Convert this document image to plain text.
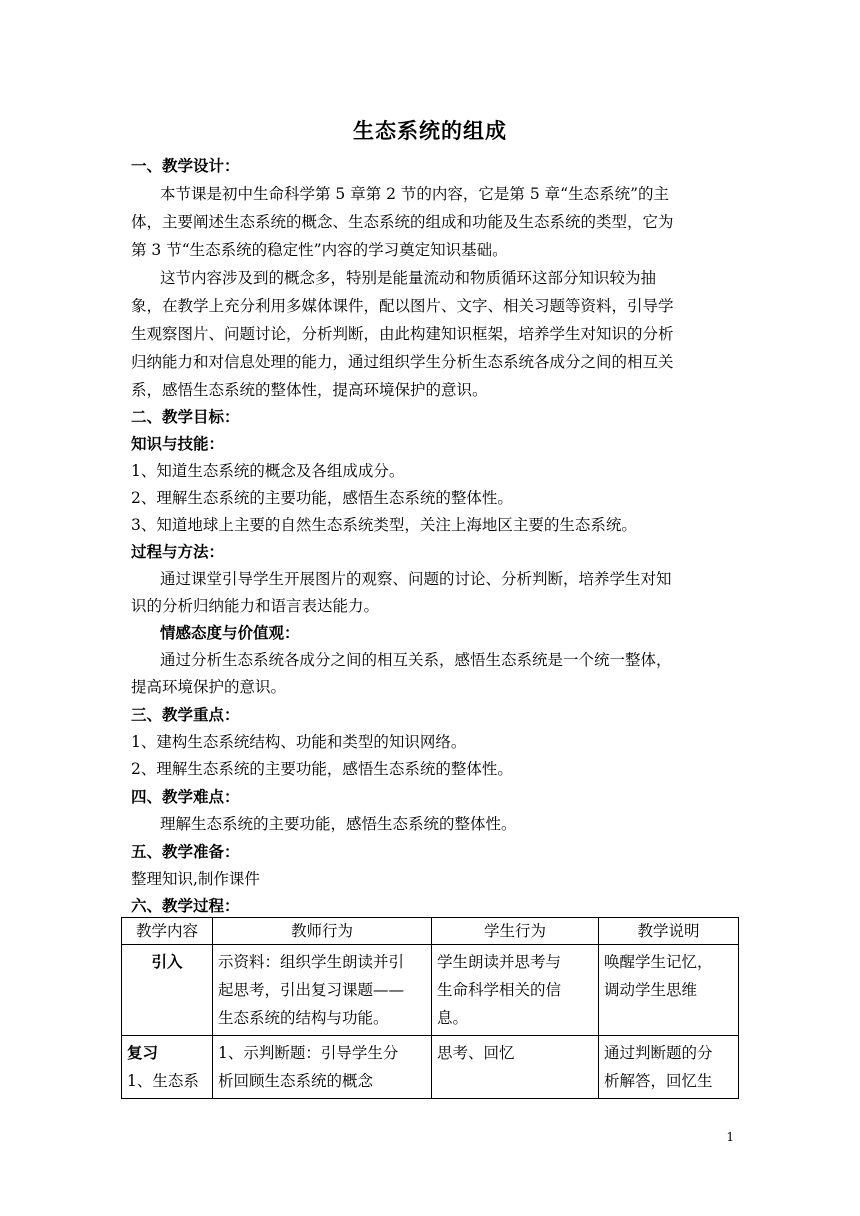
生态系统的组成
一、教学设计：
本节课是初中生命科学第 5 章第 2 节的内容，它是第 5 章“生态系统”的主
体，主要阐述生态系统的概念、生态系统的组成和功能及生态系统的类型，它为
第 3 节“生态系统的稳定性”内容的学习奠定知识基础。
这节内容涉及到的概念多，特别是能量流动和物质循环这部分知识较为抽
象，在教学上充分利用多媒体课件，配以图片、文字、相关习题等资料，引导学
生观察图片、问题讨论，分析判断，由此构建知识框架，培养学生对知识的分析
归纳能力和对信息处理的能力，通过组织学生分析生态系统各成分之间的相互关
系，感悟生态系统的整体性，提高环境保护的意识。
二、教学目标：
知识与技能：
1、知道生态系统的概念及各组成成分。
2、理解生态系统的主要功能，感悟生态系统的整体性。
3、知道地球上主要的自然生态系统类型，关注上海地区主要的生态系统。
过程与方法：
通过课堂引导学生开展图片的观察、问题的讨论、分析判断，培养学生对知
识的分析归纳能力和语言表达能力。
情感态度与价值观：
通过分析生态系统各成分之间的相互关系，感悟生态系统是一个统一整体，
提高环境保护的意识。
三、教学重点：
1、建构生态系统结构、功能和类型的知识网络。
2、理解生态系统的主要功能，感悟生态系统的整体性。
四、教学难点：
理解生态系统的主要功能，感悟生态系统的整体性。
五、教学准备：
整理知识,制作课件
六、教学过程：
教学内容	教师行为	学生行为	教学说明
引入	示资料：组织学生朗读并引
起思考，引出复习课题——
生态系统的结构与功能。	学生朗读并思考与
生命科学相关的信
息。	唤醒学生记忆，
调动学生思维

复习
1、生态系	1、示判断题：引导学生分
析回顾生态系统的概念	思考、回忆	通过判断题的分
析解答，回忆生
1
